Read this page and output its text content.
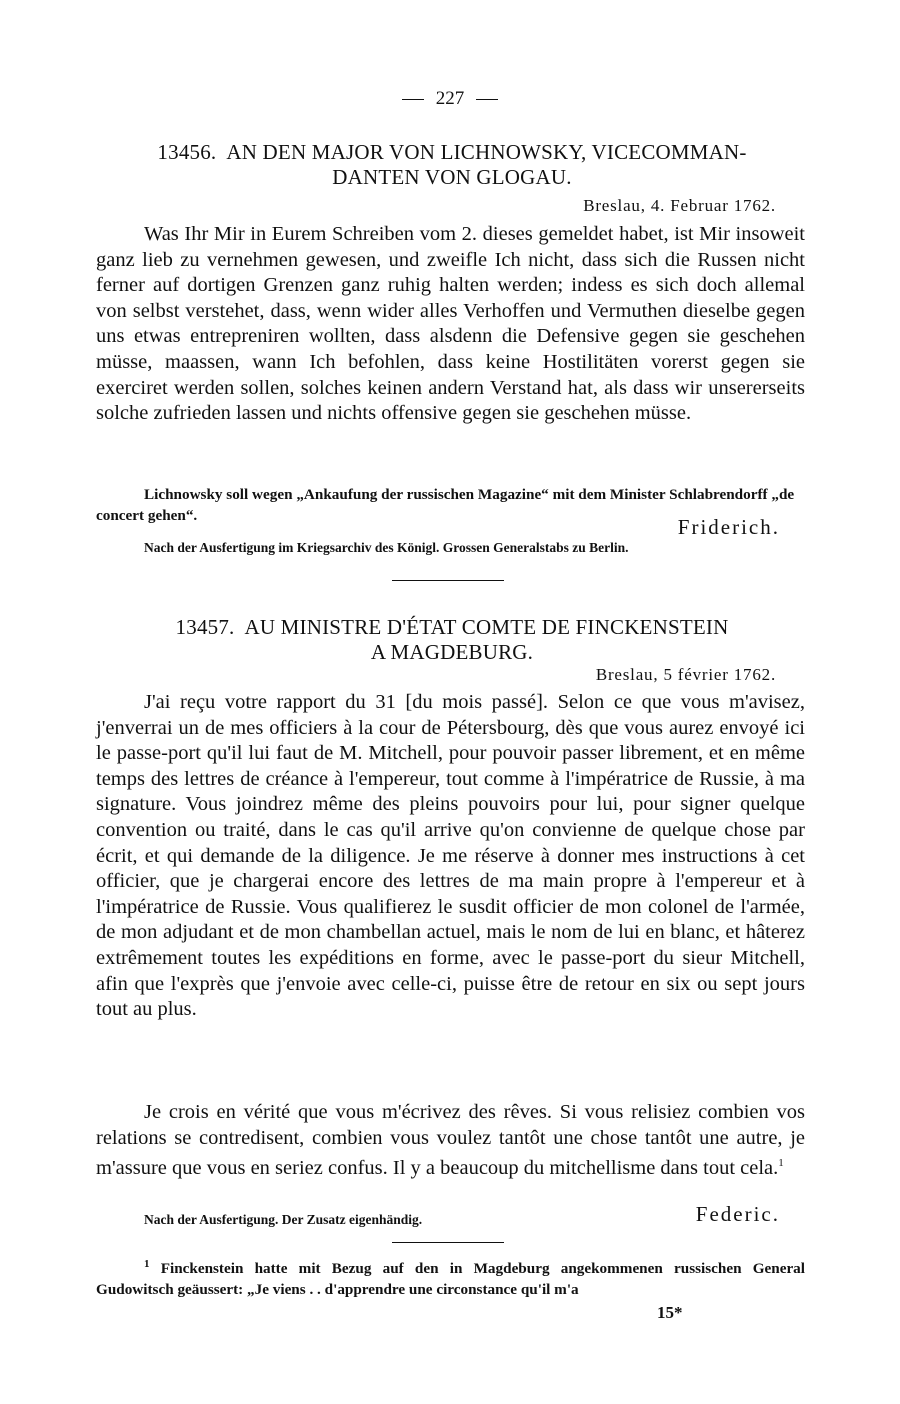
227
13456. AN DEN MAJOR VON LICHNOWSKY, VICECOMMAN-
DANTEN VON GLOGAU.
Breslau, 4. Februar 1762.

Was Ihr Mir in Eurem Schreiben vom 2. dieses gemeldet habet, ist Mir insoweit ganz lieb zu vernehmen gewesen, und zweifle Ich nicht, dass sich die Russen nicht ferner auf dortigen Grenzen ganz ruhig halten werden; indess es sich doch allemal von selbst verstehet, dass, wenn wider alles Verhoffen und Vermuthen dieselbe gegen uns etwas entrepreniren wollten, dass alsdenn die Defensive gegen sie geschehen müsse, maassen, wann Ich befohlen, dass keine Hostilitäten vorerst gegen sie exerciret werden sollen, solches keinen andern Verstand hat, als dass wir unsererseits solche zufrieden lassen und nichts offensive gegen sie geschehen müsse.

Lichnowsky soll wegen „Ankaufung der russischen Magazine“ mit dem Minister Schlabrendorff „de concert gehen“.	Friderich.
Nach der Ausfertigung im Kriegsarchiv des Königl. Grossen Generalstabs zu Berlin.
13457. AU MINISTRE D'ÉTAT COMTE DE FINCKENSTEIN
A MAGDEBURG.
Breslau, 5 février 1762.

J'ai reçu votre rapport du 31 [du mois passé]. Selon ce que vous m'avisez, j'enverrai un de mes officiers à la cour de Pétersbourg, dès que vous aurez envoyé ici le passe-port qu'il lui faut de M. Mitchell, pour pouvoir passer librement, et en même temps des lettres de créance à l'empereur, tout comme à l'impératrice de Russie, à ma signature. Vous joindrez même des pleins pouvoirs pour lui, pour signer quelque convention ou traité, dans le cas qu'il arrive qu'on convienne de quelque chose par écrit, et qui demande de la diligence. Je me réserve à donner mes instructions à cet officier, que je chargerai encore des lettres de ma main propre à l'empereur et à l'impératrice de Russie. Vous qualifierez le susdit officier de mon colonel de l'armée, de mon adjudant et de mon chambellan actuel, mais le nom de lui en blanc, et hâterez extrêmement toutes les expéditions en forme, avec le passe-port du sieur Mitchell, afin que l'exprès que j'envoie avec celle-ci, puisse être de retour en six ou sept jours tout au plus.

Je crois en vérité que vous m'écrivez des rêves. Si vous relisiez combien vos relations se contredisent, combien vous voulez tantôt une chose tantôt une autre, je m'assure que vous en seriez confus. Il y a beaucoup du mitchellisme dans tout cela.$^1$

Nach der Ausfertigung. Der Zusatz eigenhändig.	Federic.

$^1$ Finckenstein hatte mit Bezug auf den in Magdeburg angekommenen russischen General Gudowitsch geäussert: „Je viens . . d'apprendre une circonstance qu'il m'a

15*
